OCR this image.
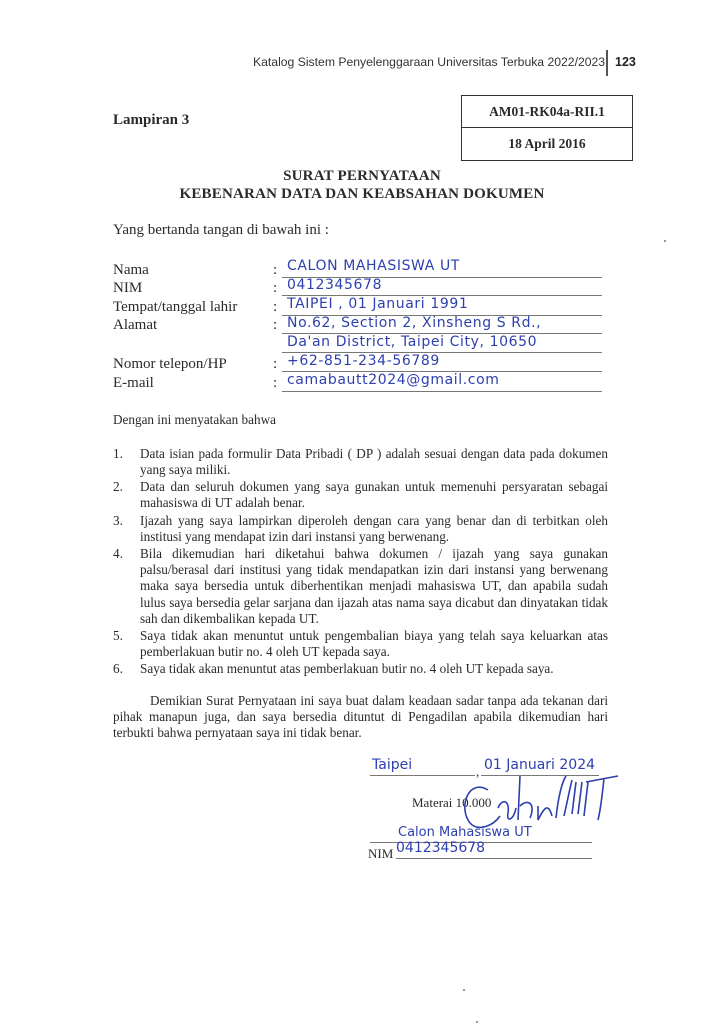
Katalog Sistem Penyelenggaraan Universitas Terbuka 2022/2023 123
Lampiran 3
AM01-RK04a-RII.1
18 April 2016
SURAT PERNYATAAN
KEBENARAN DATA DAN KEABSAHAN DOKUMEN
Yang bertanda tangan di bawah ini :
Nama	: CALON MAHASISWA UT
NIM	: 0412345678
Tempat/tanggal lahir : TAIPEI , 01 Januari 1991
Alamat	: No.62, Section 2, Xinsheng S Rd.,
Da'an District, Taipei City, 10650
Nomor telepon/HP	: +62-851-234-56789
E-mail	: camabautt2024@gmail.com
Dengan ini menyatakan bahwa
1. Data isian pada formulir Data Pribadi ( DP ) adalah sesuai dengan data pada dokumen yang saya miliki.
2. Data dan seluruh dokumen yang saya gunakan untuk memenuhi persyaratan sebagai mahasiswa di UT adalah benar.
3. Ijazah yang saya lampirkan diperoleh dengan cara yang benar dan di terbitkan oleh institusi yang mendapat izin dari instansi yang berwenang.
4. Bila dikemudian hari diketahui bahwa dokumen / ijazah yang saya gunakan palsu/berasal dari institusi yang tidak mendapatkan izin dari instansi yang berwenang maka saya bersedia untuk diberhentikan menjadi mahasiswa UT, dan apabila sudah lulus saya bersedia gelar sarjana dan ijazah atas nama saya dicabut dan dinyatakan tidak sah dan dikembalikan kepada UT.
5. Saya tidak akan menuntut untuk pengembalian biaya yang telah saya keluarkan atas pemberlakuan butir no. 4 oleh UT kepada saya.
6. Saya tidak akan menuntut atas pemberlakuan butir no. 4 oleh UT kepada saya.
Demikian Surat Pernyataan ini saya buat dalam keadaan sadar tanpa ada tekanan dari pihak manapun juga, dan saya bersedia dituntut di Pengadilan apabila dikemudian hari terbukti bahwa pernyataan saya ini tidak benar.
Taipei	, 01 Januari 2024
Materai 10.000
Calon Mahasiswa UT
NIM 0412345678
